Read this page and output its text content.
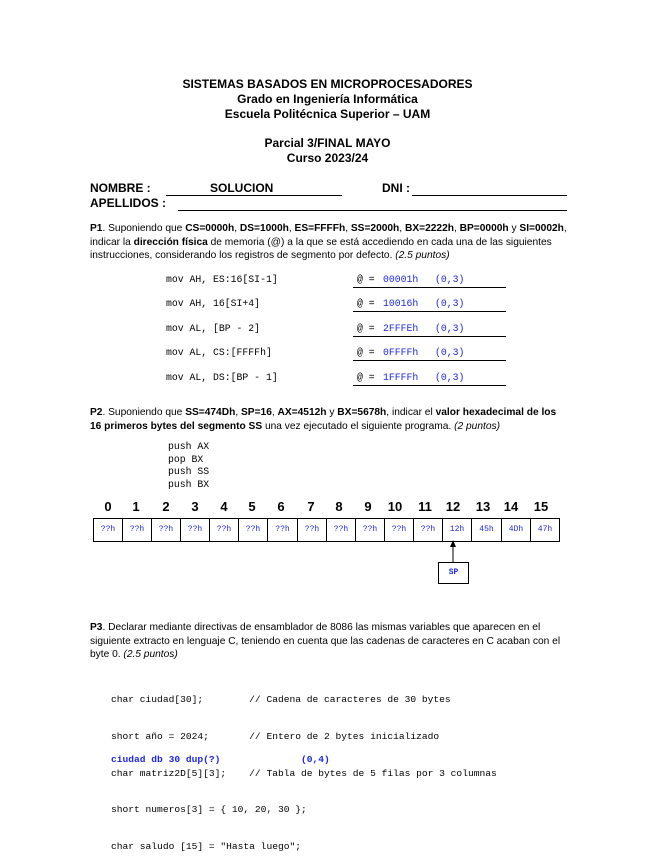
SISTEMAS BASADOS EN MICROPROCESADORES
Grado en Ingeniería Informática
Escuela Politécnica Superior – UAM
Parcial 3/FINAL MAYO
Curso 2023/24
NOMBRE :	SOLUCION	DNI :
APELLIDOS :
P1. Suponiendo que CS=0000h, DS=1000h, ES=FFFFh, SS=2000h, BX=2222h, BP=0000h y SI=0002h, indicar la dirección física de memoria (@) a la que se está accediendo en cada una de las siguientes instrucciones, considerando los registros de segmento por defecto. (2.5 puntos)
mov AH, ES:16[SI-1]	@ = 00001h (0,3)
mov AH, 16[SI+4]	@ = 10016h (0,3)
mov AL, [BP - 2]	@ = 2FFFEh (0,3)
mov AL, CS:[FFFFh]	@ = 0FFFFh (0,3)
mov AL, DS:[BP - 1]	@ = 1FFFFh (0,3)
P2. Suponiendo que SS=474Dh, SP=16, AX=4512h y BX=5678h, indicar el valor hexadecimal de los 16 primeros bytes del segmento SS una vez ejecutado el siguiente programa. (2 puntos)
push AX
pop BX
push SS
push BX
0	1	2	3	4	5	6	7	8	9	10	11	12	13	14	15
??h	??h	??h	??h	??h	??h	??h	??h	??h	??h	??h	??h	12h	45h	4Dh	47h
SP
P3. Declarar mediante directivas de ensamblador de 8086 las mismas variables que aparecen en el siguiente extracto en lenguaje C, teniendo en cuenta que las cadenas de caracteres en C acaban con el byte 0. (2.5 puntos)

char ciudad[30];        // Cadena de caracteres de 30 bytes

short año = 2024;       // Entero de 2 bytes inicializado

char matriz2D[5][3];    // Tabla de bytes de 5 filas por 3 columnas

short numeros[3] = { 10, 20, 30 };

char saludo [15] = "Hasta luego";

ciudad db 30 dup(?)	(0,4)
